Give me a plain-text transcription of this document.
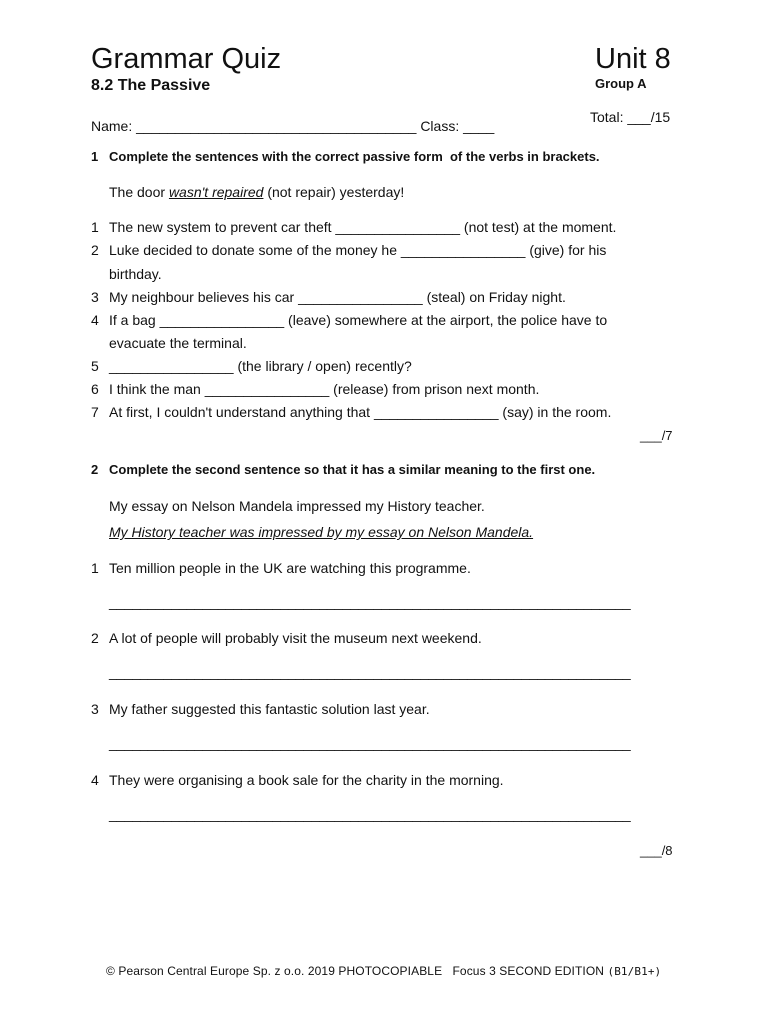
Grammar Quiz
8.2 The Passive
Unit 8
Group A
Total: ___/15
Name: ____________________________________ Class: ____
1 Complete the sentences with the correct passive form  of the verbs in brackets.
The door wasn't repaired (not repair) yesterday!
1 The new system to prevent car theft ________________ (not test) at the moment.
2 Luke decided to donate some of the money he ________________ (give) for his
birthday.
3 My neighbour believes his car ________________ (steal) on Friday night.
4 If a bag ________________ (leave) somewhere at the airport, the police have to
evacuate the terminal.
5 ________________ (the library / open) recently?
6 I think the man ________________ (release) from prison next month.
7 At first, I couldn't understand anything that ________________ (say) in the room.
___/7
2 Complete the second sentence so that it has a similar meaning to the first one.
My essay on Nelson Mandela impressed my History teacher.
My History teacher was impressed by my essay on Nelson Mandela.
1 Ten million people in the UK are watching this programme.
___________________________________________________________________
2 A lot of people will probably visit the museum next weekend.
___________________________________________________________________
3 My father suggested this fantastic solution last year.
___________________________________________________________________
4 They were organising a book sale for the charity in the morning.
___________________________________________________________________
___/8
© Pearson Central Europe Sp. z o.o. 2019 PHOTOCOPIABLE   Focus 3 SECOND EDITION (B1/B1+)
